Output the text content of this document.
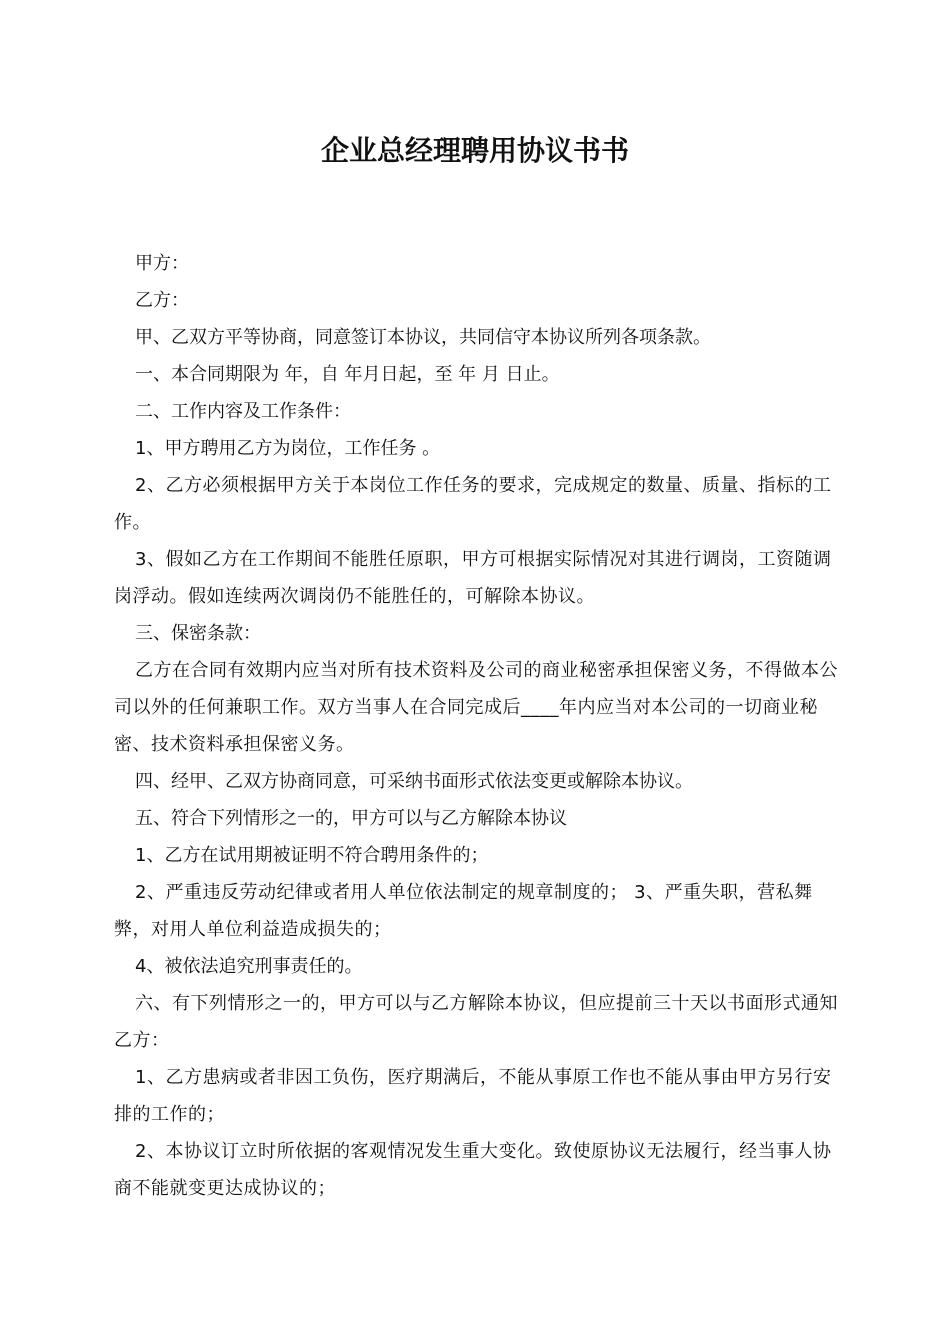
企业总经理聘用协议书书

甲方：

乙方：

甲、乙双方平等协商，同意签订本协议，共同信守本协议所列各项条款。

一、本合同期限为 年，自 年月日起，至 年 月 日止。

二、工作内容及工作条件：

1、甲方聘用乙方为岗位，工作任务 。

2、乙方必须根据甲方关于本岗位工作任务的要求，完成规定的数量、质量、指标的工作。

3、假如乙方在工作期间不能胜任原职，甲方可根据实际情况对其进行调岗，工资随调岗浮动。假如连续两次调岗仍不能胜任的，可解除本协议。

三、保密条款：

乙方在合同有效期内应当对所有技术资料及公司的商业秘密承担保密义务，不得做本公司以外的任何兼职工作。双方当事人在合同完成后____年内应当对本公司的一切商业秘密、技术资料承担保密义务。

四、经甲、乙双方协商同意，可采纳书面形式依法变更或解除本协议。

五、符合下列情形之一的，甲方可以与乙方解除本协议

1、乙方在试用期被证明不符合聘用条件的；

2、严重违反劳动纪律或者用人单位依法制定的规章制度的； 3、严重失职，营私舞弊，对用人单位利益造成损失的；

4、被依法追究刑事责任的。

六、有下列情形之一的，甲方可以与乙方解除本协议，但应提前三十天以书面形式通知乙方：

1、乙方患病或者非因工负伤，医疗期满后，不能从事原工作也不能从事由甲方另行安排的工作的；

2、本协议订立时所依据的客观情况发生重大变化。致使原协议无法履行，经当事人协商不能就变更达成协议的；
